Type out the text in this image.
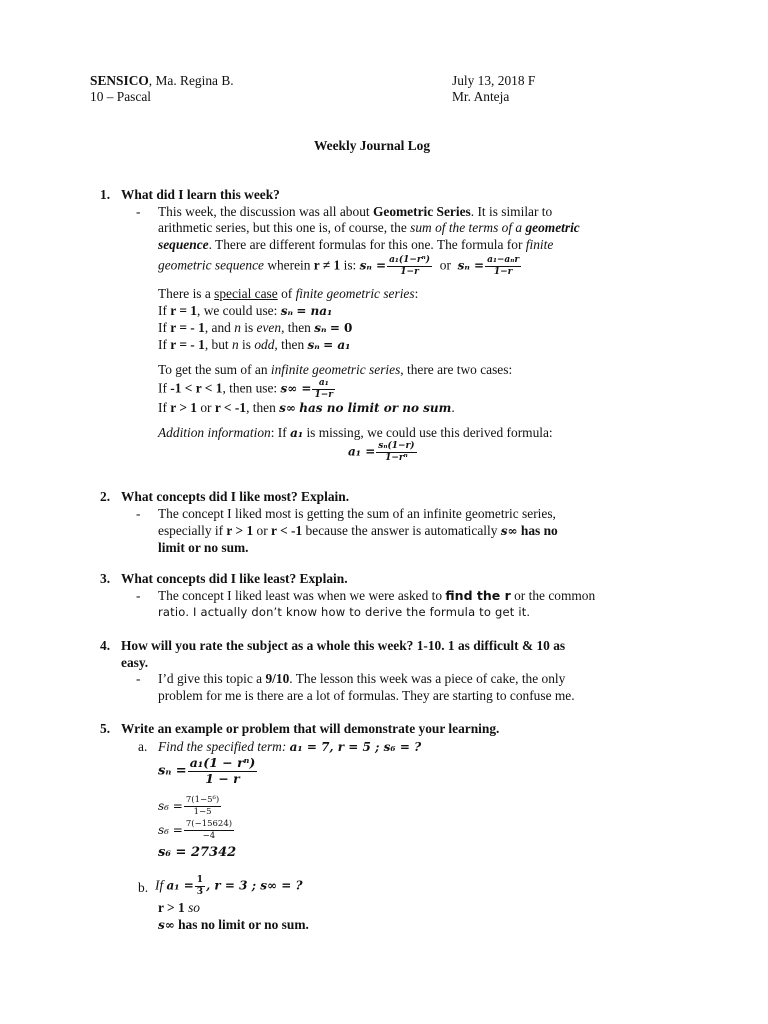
SENSICO, Ma. Regina B.
10 – Pascal
July 13, 2018 F
Mr. Anteja
Weekly Journal Log
1. What did I learn this week?
- This week, the discussion was all about Geometric Series. It is similar to
arithmetic series, but this one is, of course, the sum of the terms of a geometric
sequence. There are different formulas for this one. The formula for finite
geometric sequence wherein r ≠ 1 is: $s_n = \frac{\text{a₁(1−rⁿ)}}{1-r}$ or $s_n = \frac{\text{a₁−aₙr}}{1-r}$
There is a special case of finite geometric series:
If r = 1, we could use: sₙ = na₁
If r = - 1, and n is even, then sₙ = 0
If r = - 1, but n is odd, then sₙ = a₁
To get the sum of an infinite geometric series, there are two cases:
If -1 < r < 1, then use: $s\infty = \frac{\text{a₁}}{1-r}$
If r > 1 or r < -1, then s∞ has no limit or no sum.
Addition information: If a₁ is missing, we could use this derived formula:
$a_1 = \frac{\text{sₙ(1−r)}}{\text{1−rⁿ}}$
2. What concepts did I like most? Explain.
- The concept I liked most is getting the sum of an infinite geometric series,
especially if r > 1 or r < -1 because the answer is automatically s∞ has no
limit or no sum.
3. What concepts did I like least? Explain.
- The concept I liked least was when we were asked to find the r or the common
ratio. I actually don’t know how to derive the formula to get it.
4. How will you rate the subject as a whole this week? 1-10. 1 as difficult & 10 as
easy.
- I’d give this topic a 9/10. The lesson this week was a piece of cake, the only
problem for me is there are a lot of formulas. They are starting to confuse me.
5. Write an example or problem that will demonstrate your learning.
a. Find the specified term: a₁ = 7, r = 5 ; s₆ = ?
$s_n = \frac{\text{a₁(1 − rⁿ)}}{1 - r}$
$s_6 = \frac{\text{7(1−5⁶)}}{1-5}$
$s_6 = \frac{7(-15624)}{-4}$
s₆ = 27342
b. If $a_1 = \frac{1}{3}$ , r = 3 ; s∞ = ?
r > 1 so
s∞ has no limit or no sum.
